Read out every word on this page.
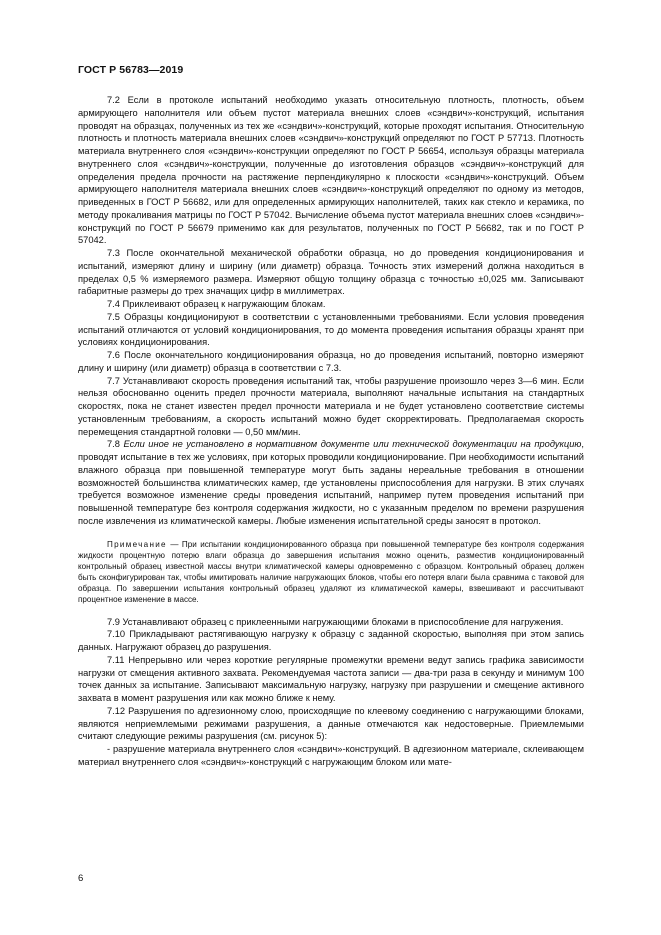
ГОСТ Р 56783—2019

7.2 Если в протоколе испытаний необходимо указать относительную плотность, плотность, объем армирующего наполнителя или объем пустот материала внешних слоев «сэндвич»-конструкций, испытания проводят на образцах, полученных из тех же «сэндвич»-конструкций, которые проходят испытания. Относительную плотность и плотность материала внешних слоев «сэндвич»-конструкций определяют по ГОСТ Р 57713. Плотность материала внутреннего слоя «сэндвич»-конструкции определяют по ГОСТ Р 56654, используя образцы материала внутреннего слоя «сэндвич»-конструкции, полученные до изготовления образцов «сэндвич»-конструкций для определения предела прочности на растяжение перпендикулярно к плоскости «сэндвич»-конструкций. Объем армирующего наполнителя материала внешних слоев «сэндвич»-конструкций определяют по одному из методов, приведенных в ГОСТ Р 56682, или для определенных армирующих наполнителей, таких как стекло и керамика, по методу прокаливания матрицы по ГОСТ Р 57042. Вычисление объема пустот материала внешних слоев «сэндвич»-конструкций по ГОСТ Р 56679 применимо как для результатов, полученных по ГОСТ Р 56682, так и по ГОСТ Р 57042.

7.3 После окончательной механической обработки образца, но до проведения кондиционирования и испытаний, измеряют длину и ширину (или диаметр) образца. Точность этих измерений должна находиться в пределах 0,5 % измеряемого размера. Измеряют общую толщину образца с точностью ±0,025 мм. Записывают габаритные размеры до трех значащих цифр в миллиметрах.

7.4 Приклеивают образец к нагружающим блокам.

7.5 Образцы кондиционируют в соответствии с установленными требованиями. Если условия проведения испытаний отличаются от условий кондиционирования, то до момента проведения испытания образцы хранят при условиях кондиционирования.

7.6 После окончательного кондиционирования образца, но до проведения испытаний, повторно измеряют длину и ширину (или диаметр) образца в соответствии с 7.3.

7.7 Устанавливают скорость проведения испытаний так, чтобы разрушение произошло через 3—6 мин. Если нельзя обоснованно оценить предел прочности материала, выполняют начальные испытания на стандартных скоростях, пока не станет известен предел прочности материала и не будет установлено соответствие системы установленным требованиям, а скорость испытаний можно будет скорректировать. Предполагаемая скорость перемещения стандартной головки — 0,50 мм/мин.

7.8 Если иное не установлено в нормативном документе или технической документации на продукцию, проводят испытание в тех же условиях, при которых проводили кондиционирование. При необходимости испытаний влажного образца при повышенной температуре могут быть заданы нереальные требования в отношении возможностей большинства климатических камер, где установлены приспособления для нагрузки. В этих случаях требуется возможное изменение среды проведения испытаний, например путем проведения испытаний при повышенной температуре без контроля содержания жидкости, но с указанным пределом по времени разрушения после извлечения из климатической камеры. Любые изменения испытательной среды заносят в протокол.

Примечание — При испытании кондиционированного образца при повышенной температуре без контроля содержания жидкости процентную потерю влаги образца до завершения испытания можно оценить, разместив кондиционированный контрольный образец известной массы внутри климатической камеры одновременно с образцом. Контрольный образец должен быть сконфигурирован так, чтобы имитировать наличие нагружающих блоков, чтобы его потеря влаги была сравнима с таковой для образца. По завершении испытания контрольный образец удаляют из климатической камеры, взвешивают и рассчитывают процентное изменение в массе.

7.9 Устанавливают образец с приклеенными нагружающими блоками в приспособление для нагружения.

7.10 Прикладывают растягивающую нагрузку к образцу с заданной скоростью, выполняя при этом запись данных. Нагружают образец до разрушения.

7.11 Непрерывно или через короткие регулярные промежутки времени ведут запись графика зависимости нагрузки от смещения активного захвата. Рекомендуемая частота записи — два-три раза в секунду и минимум 100 точек данных за испытание. Записывают максимальную нагрузку, нагрузку при разрушении и смещение активного захвата в момент разрушения или как можно ближе к нему.

7.12 Разрушения по адгезионному слою, происходящие по клеевому соединению с нагружающими блоками, являются неприемлемыми режимами разрушения, а данные отмечаются как недостоверные. Приемлемыми считают следующие режимы разрушения (см. рисунок 5):

- разрушение материала внутреннего слоя «сэндвич»-конструкций. В адгезионном материале, склеивающем материал внутреннего слоя «сэндвич»-конструкций с нагружающим блоком или мате-

6
